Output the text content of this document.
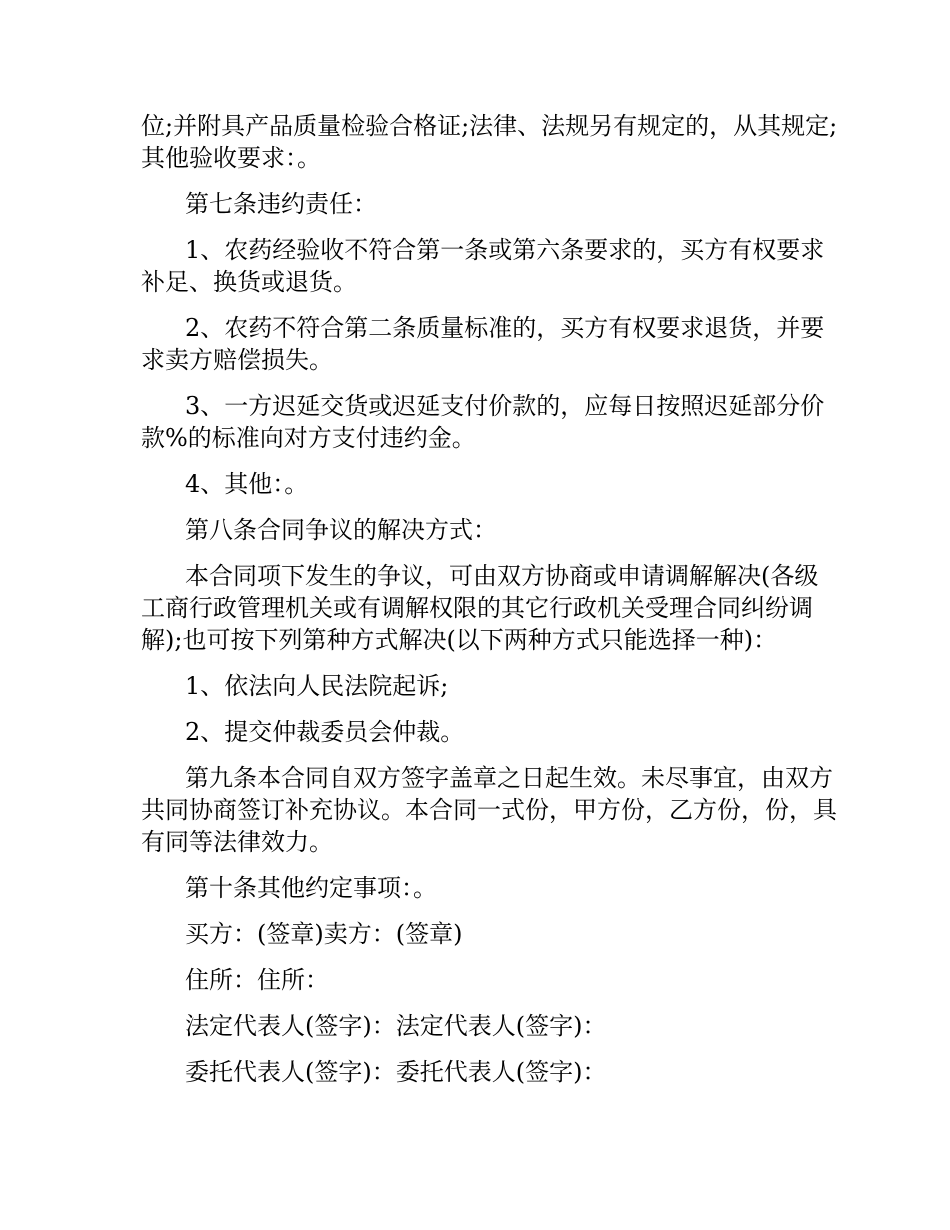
位;并附具产品质量检验合格证;法律、法规另有规定的，从其规定;其他验收要求：。

第七条违约责任：

1、农药经验收不符合第一条或第六条要求的，买方有权要求补足、换货或退货。

2、农药不符合第二条质量标准的，买方有权要求退货，并要求卖方赔偿损失。

3、一方迟延交货或迟延支付价款的，应每日按照迟延部分价款%的标准向对方支付违约金。

4、其他：。

第八条合同争议的解决方式：

本合同项下发生的争议，可由双方协商或申请调解解决(各级工商行政管理机关或有调解权限的其它行政机关受理合同纠纷调解);也可按下列第种方式解决(以下两种方式只能选择一种)：

1、依法向人民法院起诉;

2、提交仲裁委员会仲裁。

第九条本合同自双方签字盖章之日起生效。未尽事宜，由双方共同协商签订补充协议。本合同一式份，甲方份，乙方份，份，具有同等法律效力。

第十条其他约定事项：。

买方：(签章)卖方：(签章)

住所：住所：

法定代表人(签字)：法定代表人(签字)：

委托代表人(签字)：委托代表人(签字)：
